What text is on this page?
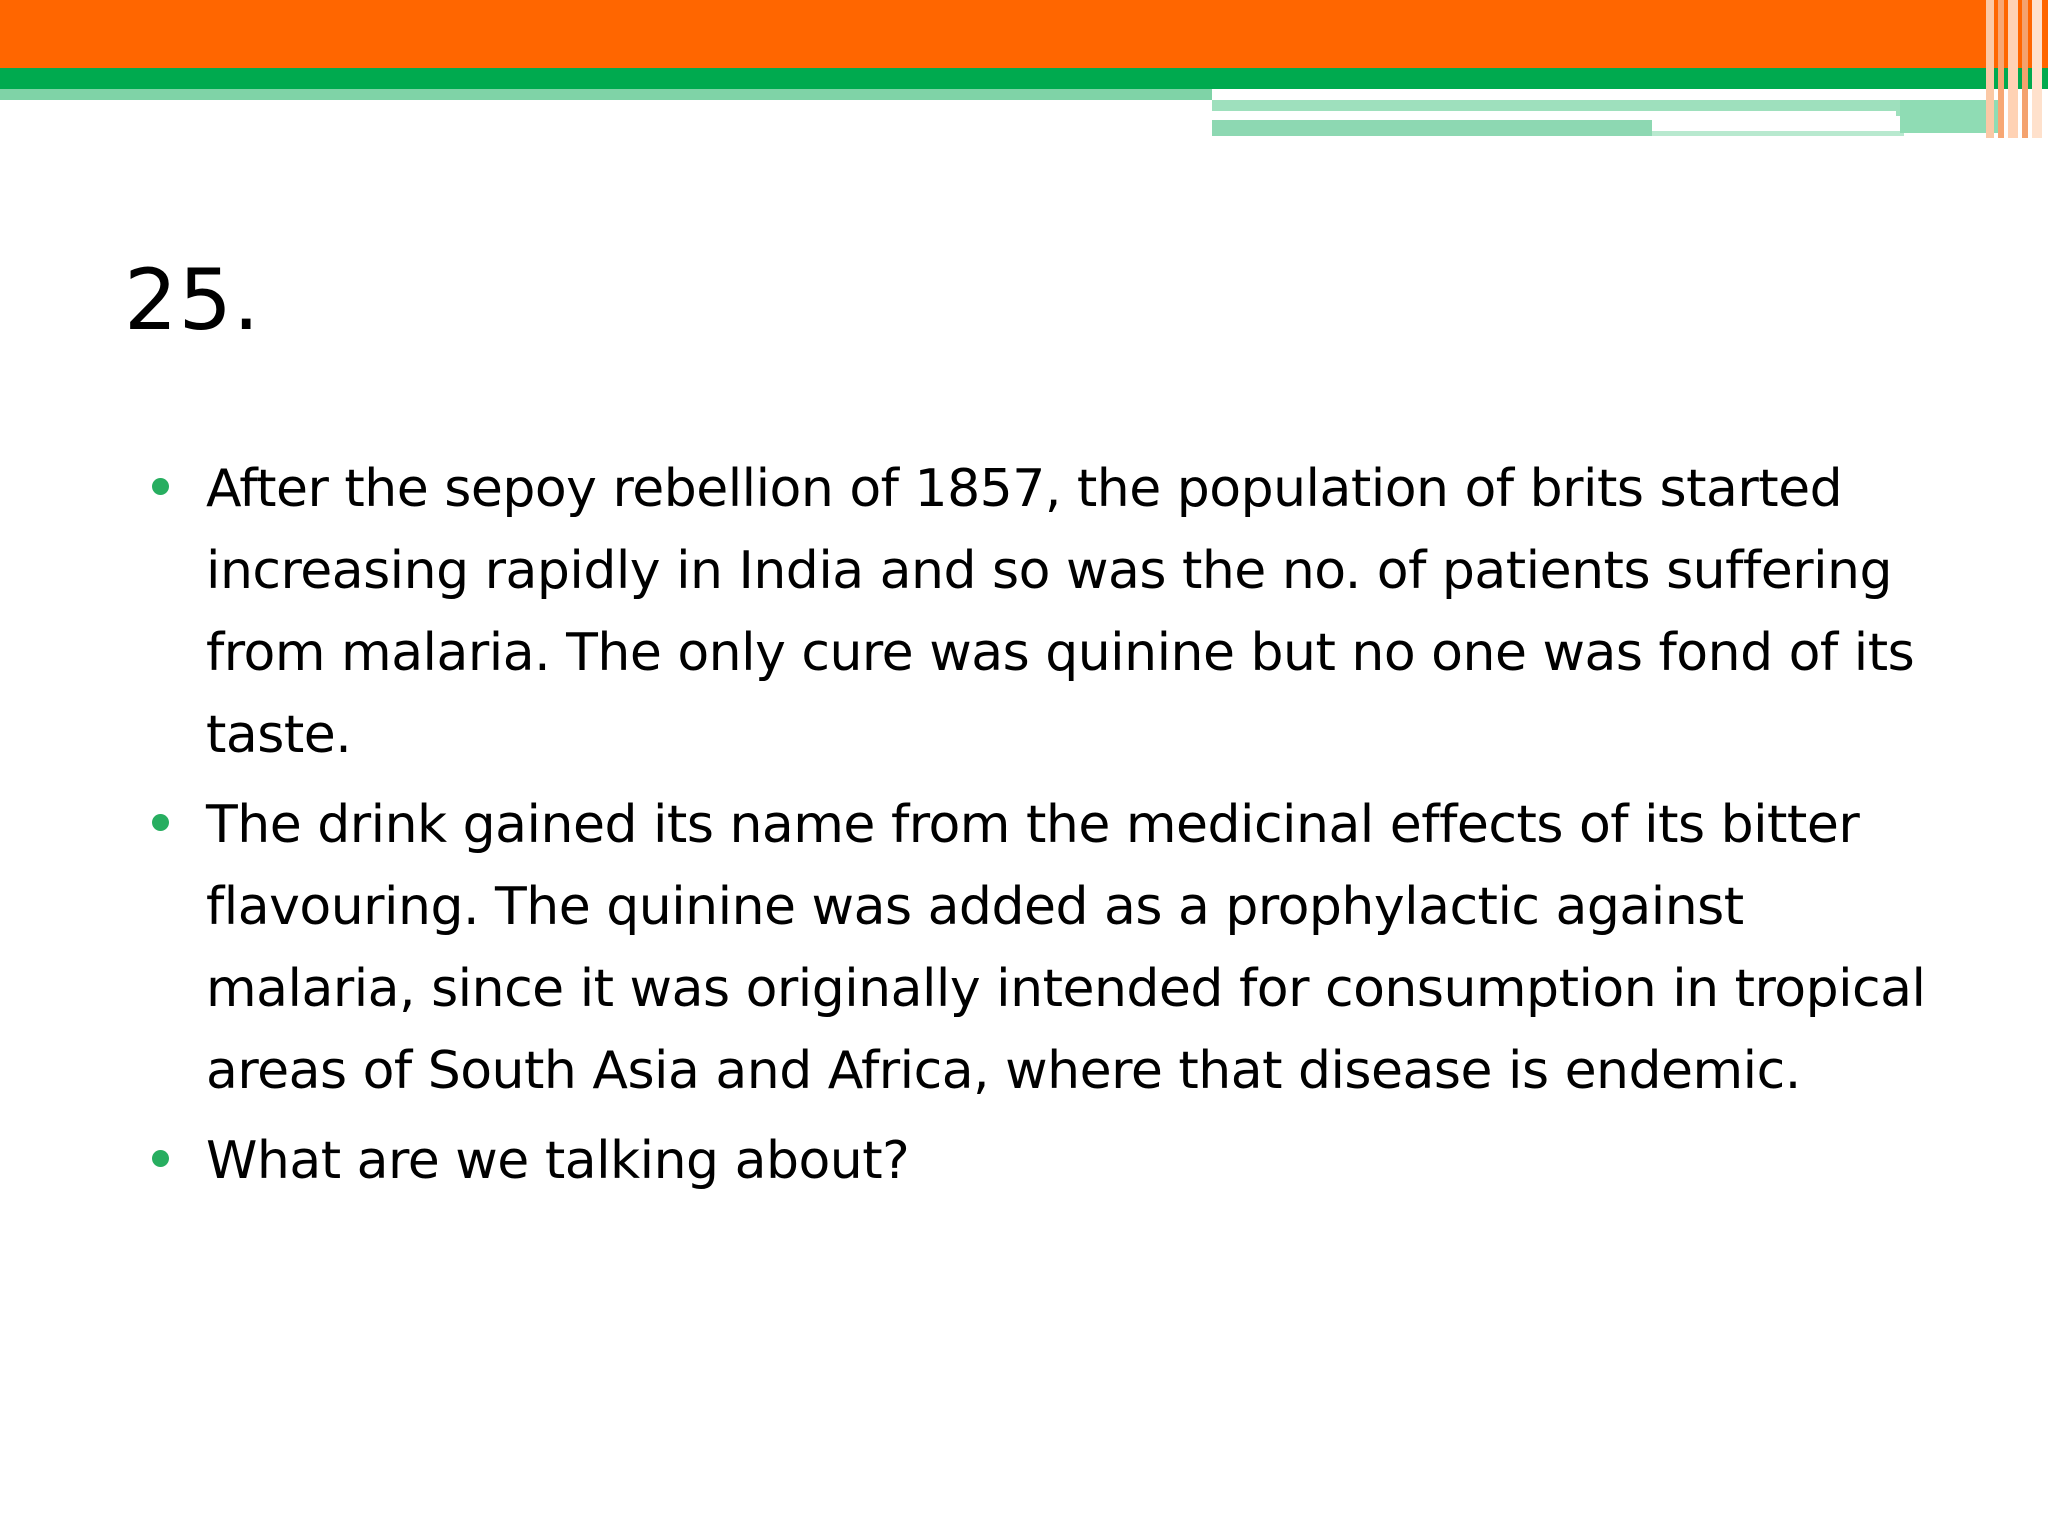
25.
After the sepoy rebellion of 1857, the population of brits started increasing rapidly in India and so was the no. of patients suffering from malaria. The only cure was quinine but no one was fond of its taste.
The drink gained its name from the medicinal effects of its bitter flavouring. The quinine was added as a prophylactic against malaria, since it was originally intended for consumption in tropical areas of South Asia and Africa, where that disease is endemic.
What are we talking about?
